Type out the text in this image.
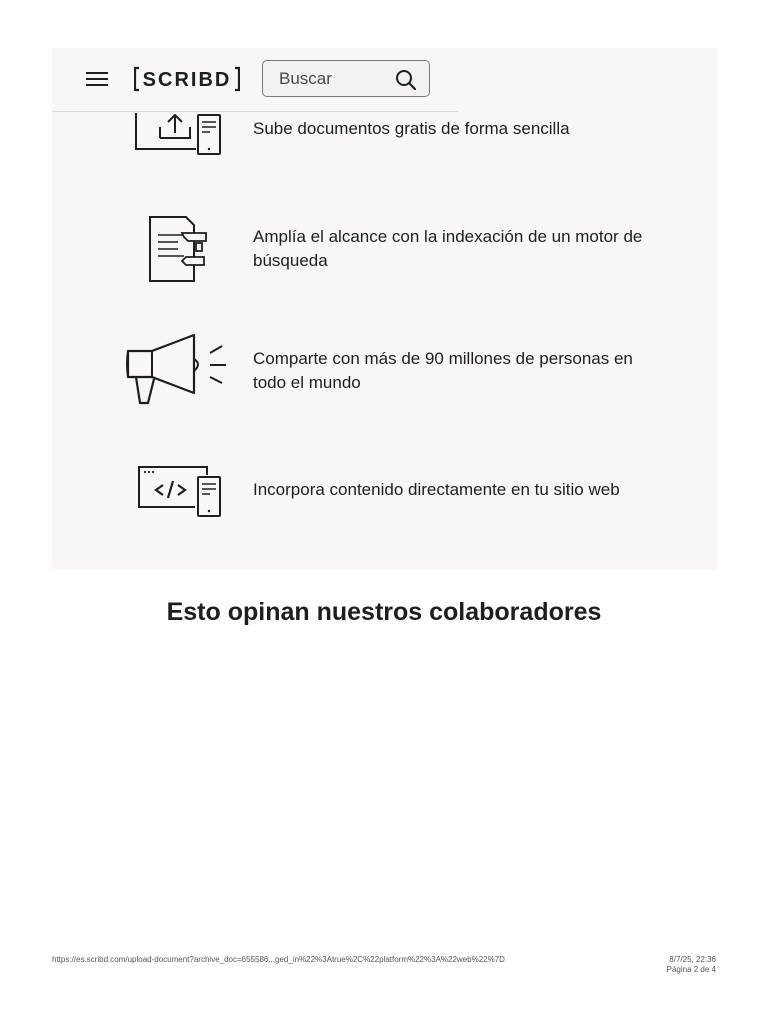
SCRIBD
Buscar
Sube documentos gratis de forma sencilla
Amplía el alcance con la indexación de un motor de búsqueda
Comparte con más de 90 millones de personas en todo el mundo
Incorpora contenido directamente en tu sitio web
Esto opinan nuestros colaboradores
https://es.scribd.com/upload-document?archive_doc=655586...ged_in%22%3Atrue%2C%22platform%22%3A%22web%22%7D	8/7/25, 22:36
Página 2 de 4
